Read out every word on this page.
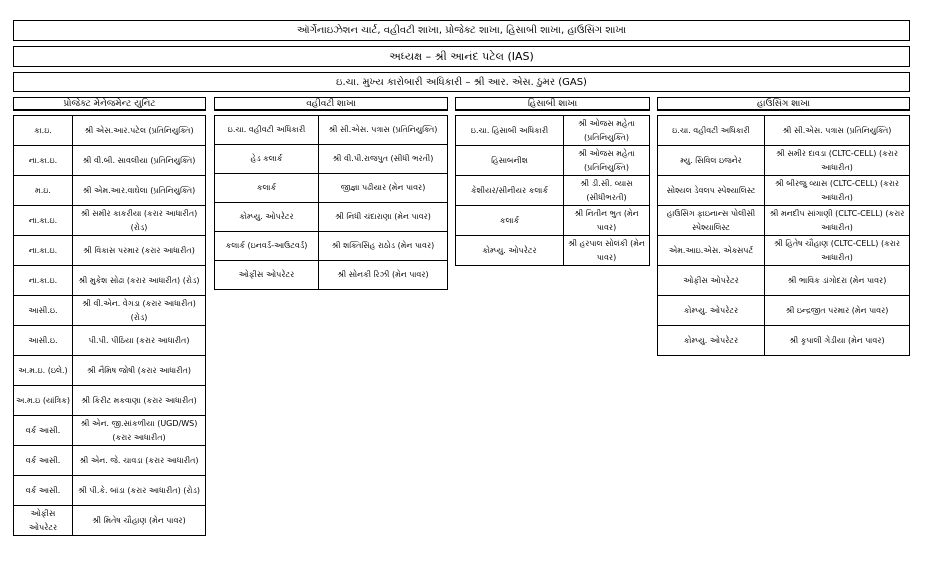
ઑર્ગેનાઇઝેશન ચાર્ટ, વહીવટી શાખા, પ્રોજેક્ટ શાખા, હિસાબી શાખા, હાઉસિંગ શાખા
અધ્યક્ષ – શ્રી આનંદ પટેલ (IAS)
ઇ.ચા. મુખ્ય કારોબારી અધિકારી – શ્રી આર. એસ. ઠુમર (GAS)
પ્રોજેક્ટ મેનેજમેન્ટ યુનિટ
કા.ઇ.	શ્રી એસ.આર.પટેલ (પ્રતિનિયુક્તિ)
ના.કા.ઇ.	શ્રી વી.બી. સાવલીયા (પ્રતિનિયુક્તિ)
મ.ઇ.	શ્રી એમ.આર.વાઘેલા (પ્રતિનિયુક્તિ)
ના.કા.ઇ.	શ્રી સમીર કાકરીયા (કરાર આધારીત) (રોડ)
ના.કા.ઇ.	શ્રી વિકાસ પરમાર (કરાર આધારીત)
ના.કા.ઇ.	શ્રી મુકેશ સોઢા (કરાર આધારીત) (રોડ)
આસી.ઇ.	શ્રી વી.એન. વેગડા (કરાર આધારીત) (રોડ)
આસી.ઇ.	પી.પી. પીઠિયા (કરાર આધારીત)
અ.મ.ઇ. (ઇલે.)	શ્રી નૈમિષ જોષી (કરાર આધારીત)
અ.મ.ઇ (યાંત્રિક)	શ્રી કિરીટ મકવાણા (કરાર આધારીત)
વર્ક આસી.	શ્રી એન. જી.સાંકળીયા (UGD/WS) (કરાર આધારીત)
વર્ક આસી.	શ્રી એન. જે. ચાવડા (કરાર આધારીત)
વર્ક આસી.	શ્રી પી.કે. બાંડા (કરાર આધારીત) (રોડ)
ઓફીસ ઓપરેટર	શ્રી મિતેષ ચૌહાણ (મેન પાવર)
વહીવટી શાખા
ઇ.ચા. વહીવટી અધિકારી	શ્રી સી.એસ. પત્રાસ (પ્રતિનિયુક્તિ)
હેડ કલાર્ક	શ્રી વી.પી.રાજપુત (સીધી ભરતી)
કલાર્ક	જીજ્ઞા પઢીયાર (મેન પાવર)
કોમ્પ્યુ. ઓપરેટર	શ્રી નિધી ચંદારાણા (મેન પાવર)
કલાર્ક (ઇનવર્ડ-આઉટવર્ડ)	શ્રી શક્તિસિંહ રાઠોડ (મેન પાવર)
ઓફીસ ઓપરેટર	શ્રી સોનકી રિઝી (મેન પાવર)
હિસાબી શાખા
ઇ.ચા. હિસાબી અધિકારી	શ્રી ઓજસ મહેતા (પ્રતિનિયુક્તિ)
હિસાબનીશ	શ્રી ઓજસ મહેતા (પ્રતિનિયુક્તિ)
કેશીયર/સીનીયર કલાર્ક	શ્રી ડી.સી. વ્યાસ (સીધીભરતી)
કલાર્ક	શ્રી નિતીન ભુત (મેન પાવર)
કોમ્પ્યુ. ઓપરેટર	શ્રી હરપાલ સોલંકી (મેન પાવર)
હાઉસિંગ શાખા
ઇ.ચા. વહીવટી અધિકારી	શ્રી સી.એસ. પત્રાસ (પ્રતિનિયુક્તિ)
મ્યુ. સિવિલ ઇજનેર	શ્રી સમીર દાવડા (CLTC-CELL) (કરાર આધારીત)
સોશ્યલ ડેવલપ સ્પેશ્યાલિસ્ટ	શ્રી બીરજુ વ્યાસ (CLTC-CELL) (કરાર આધારીત)
હાઉસિંગ ફાઇનાન્સ પોલીસી સ્પેશ્યાલિસ્ટ	શ્રી મનદીપ સાંગાણી (CLTC-CELL) (કરાર આધારીત)
એમ.આઇ.એસ. એક્સપર્ટ	શ્રી હિતેષ ચૌહાણ (CLTC-CELL) (કરાર આધારીત)
ઓફીસ ઓપરેટર	શ્રી ભાવિક ડાંગોદરા (મેન પાવર)
કોમ્પ્યુ. ઓપરેટર	શ્રી ઇન્દ્રજીત પરમાર (મેન પાવર)
કોમ્પ્યુ. ઓપરેટર	શ્રી કૃપાલી ગેડીયા (મેન પાવર)
